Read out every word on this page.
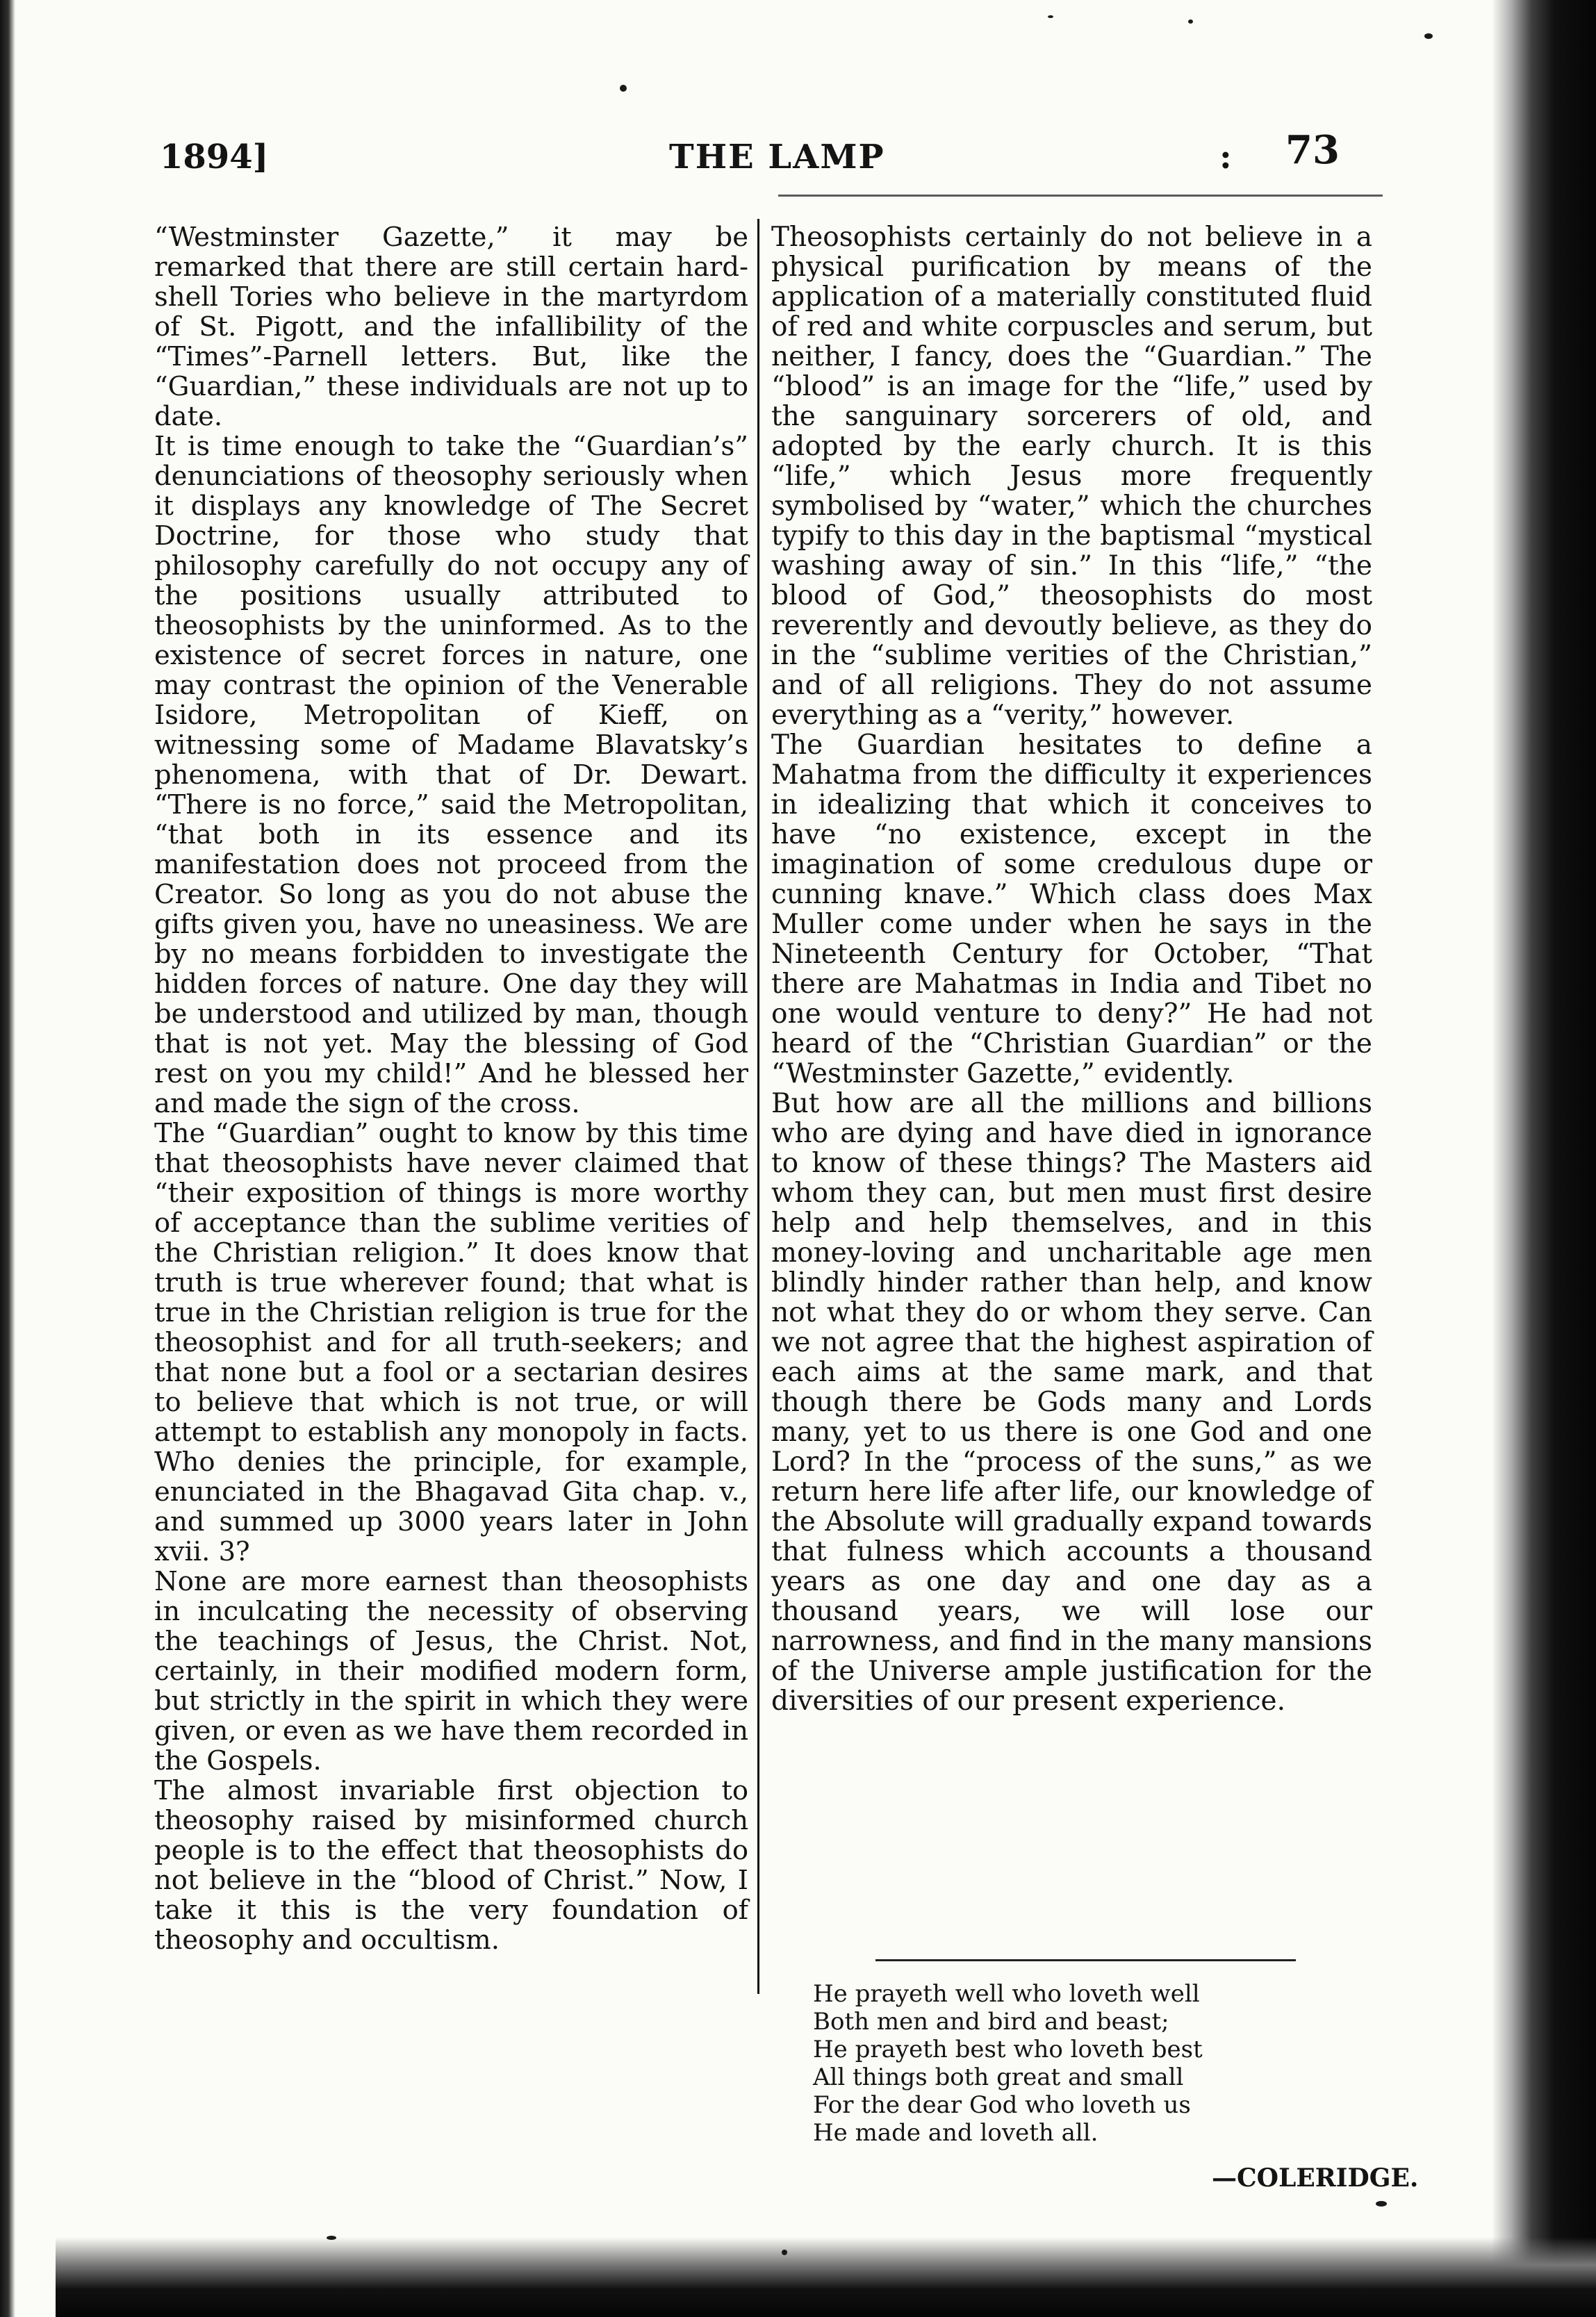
1894]	THE LAMP	: 73

“Westminster Gazette,” it may be remarked that there are still certain hard-shell Tories who believe in the martyrdom of St. Pigott, and the infallibility of the “Times”-Parnell letters. But, like the “Guardian,” these individuals are not up to date.

It is time enough to take the “Guardian’s” denunciations of theosophy seriously when it displays any knowledge of The Secret Doctrine, for those who study that philosophy carefully do not occupy any of the positions usually attributed to theosophists by the uninformed. As to the existence of secret forces in nature, one may contrast the opinion of the Venerable Isidore, Metropolitan of Kieff, on witnessing some of Madame Blavatsky’s phenomena, with that of Dr. Dewart. “There is no force,” said the Metropolitan, “that both in its essence and its manifestation does not proceed from the Creator. So long as you do not abuse the gifts given you, have no uneasiness. We are by no means forbidden to investigate the hidden forces of nature. One day they will be understood and utilized by man, though that is not yet. May the blessing of God rest on you my child!” And he blessed her and made the sign of the cross.

The “Guardian” ought to know by this time that theosophists have never claimed that “their exposition of things is more worthy of acceptance than the sublime verities of the Christian religion.” It does know that truth is true wherever found; that what is true in the Christian religion is true for the theosophist and for all truth-seekers; and that none but a fool or a sectarian desires to believe that which is not true, or will attempt to establish any monopoly in facts. Who denies the principle, for example, enunciated in the Bhagavad Gita chap. v., and summed up 3000 years later in John xvii. 3?

None are more earnest than theosophists in inculcating the necessity of observing the teachings of Jesus, the Christ. Not, certainly, in their modified modern form, but strictly in the spirit in which they were given, or even as we have them recorded in the Gospels.

The almost invariable first objection to theosophy raised by misinformed church people is to the effect that theosophists do not believe in the “blood of Christ.” Now, I take it this is the very foundation of theosophy and occultism.

Theosophists certainly do not believe in a physical purification by means of the application of a materially constituted fluid of red and white corpuscles and serum, but neither, I fancy, does the “Guardian.” The “blood” is an image for the “life,” used by the sanguinary sorcerers of old, and adopted by the early church. It is this “life,” which Jesus more frequently symbolised by “water,” which the churches typify to this day in the baptismal “mystical washing away of sin.” In this “life,” “the blood of God,” theosophists do most reverently and devoutly believe, as they do in the “sublime verities of the Christian,” and of all religions. They do not assume everything as a “verity,” however.

The Guardian hesitates to define a Mahatma from the difficulty it experiences in idealizing that which it conceives to have “no existence, except in the imagination of some credulous dupe or cunning knave.” Which class does Max Muller come under when he says in the Nineteenth Century for October, “That there are Mahatmas in India and Tibet no one would venture to deny?” He had not heard of the “Christian Guardian” or the “Westminster Gazette,” evidently.

But how are all the millions and billions who are dying and have died in ignorance to know of these things? The Masters aid whom they can, but men must first desire help and help themselves, and in this money-loving and uncharitable age men blindly hinder rather than help, and know not what they do or whom they serve. Can we not agree that the highest aspiration of each aims at the same mark, and that though there be Gods many and Lords many, yet to us there is one God and one Lord? In the “process of the suns,” as we return here life after life, our knowledge of the Absolute will gradually expand towards that fulness which accounts a thousand years as one day and one day as a thousand years, we will lose our narrowness, and find in the many mansions of the Universe ample justification for the diversities of our present experience.

He prayeth well who loveth well
Both men and bird and beast;
He prayeth best who loveth best
All things both great and small
For the dear God who loveth us
He made and loveth all.
—COLERIDGE.
